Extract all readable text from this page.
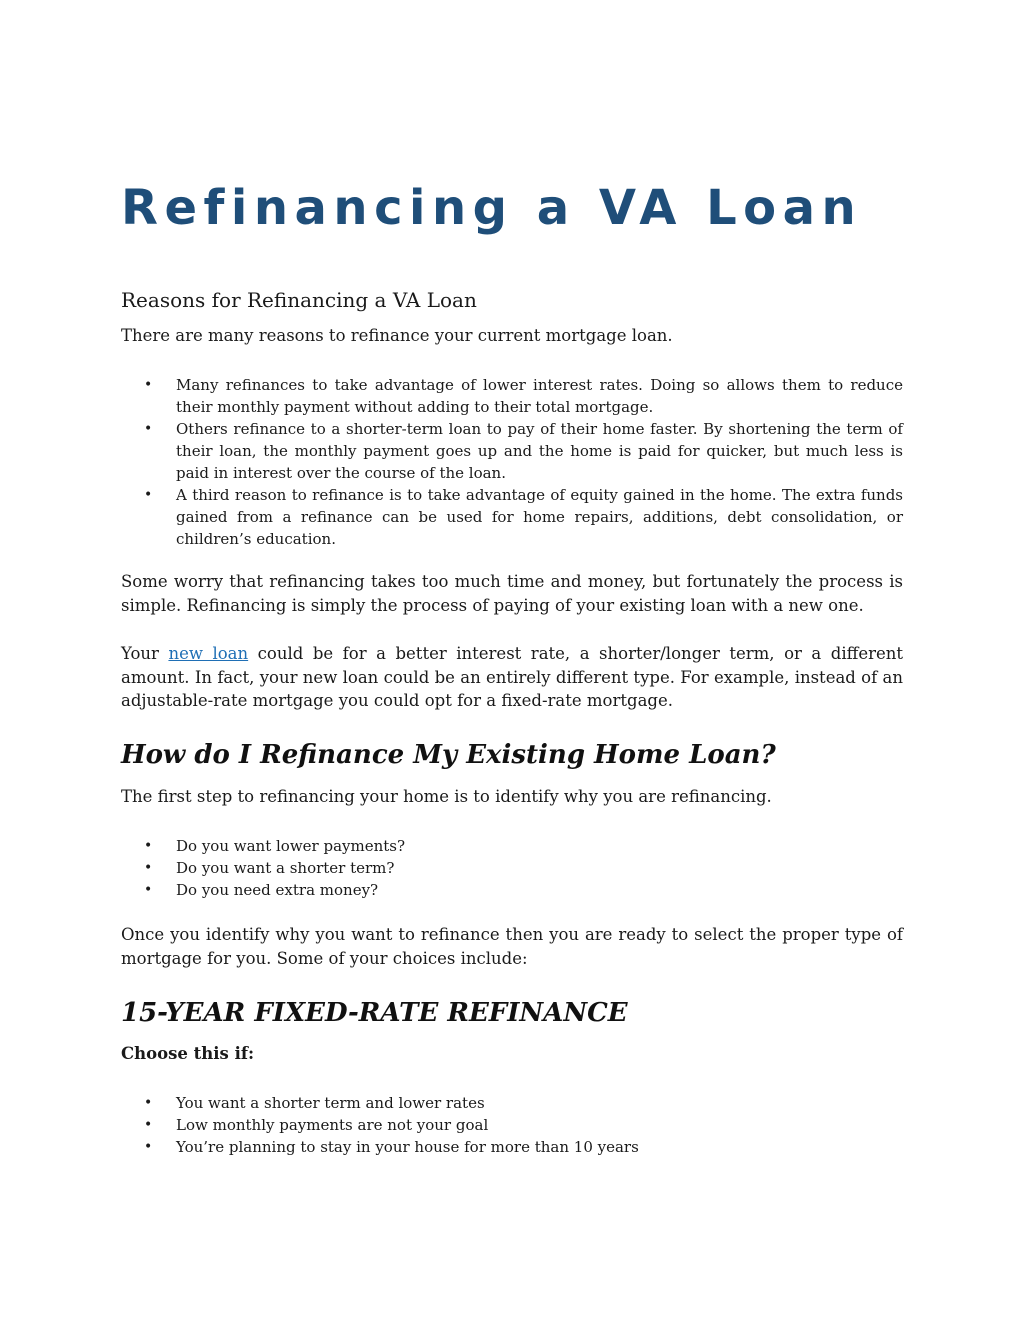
Refinancing a VA Loan
Reasons for Refinancing a VA Loan

There are many reasons to refinance your current mortgage loan.

• Many refinances to take advantage of lower interest rates. Doing so allows them to reduce their monthly payment without adding to their total mortgage.
• Others refinance to a shorter-term loan to pay of their home faster. By shortening the term of their loan, the monthly payment goes up and the home is paid for quicker, but much less is paid in interest over the course of the loan.
• A third reason to refinance is to take advantage of equity gained in the home. The extra funds gained from a refinance can be used for home repairs, additions, debt consolidation, or children’s education.

Some worry that refinancing takes too much time and money, but fortunately the process is simple. Refinancing is simply the process of paying of your existing loan with a new one.

Your new loan could be for a better interest rate, a shorter/longer term, or a different amount. In fact, your new loan could be an entirely different type. For example, instead of an adjustable-rate mortgage you could opt for a fixed-rate mortgage.

How do I Refinance My Existing Home Loan?

The first step to refinancing your home is to identify why you are refinancing.

• Do you want lower payments?
• Do you want a shorter term?
• Do you need extra money?

Once you identify why you want to refinance then you are ready to select the proper type of mortgage for you. Some of your choices include:

15-YEAR FIXED-RATE REFINANCE

Choose this if:

• You want a shorter term and lower rates
• Low monthly payments are not your goal
• You’re planning to stay in your house for more than 10 years
